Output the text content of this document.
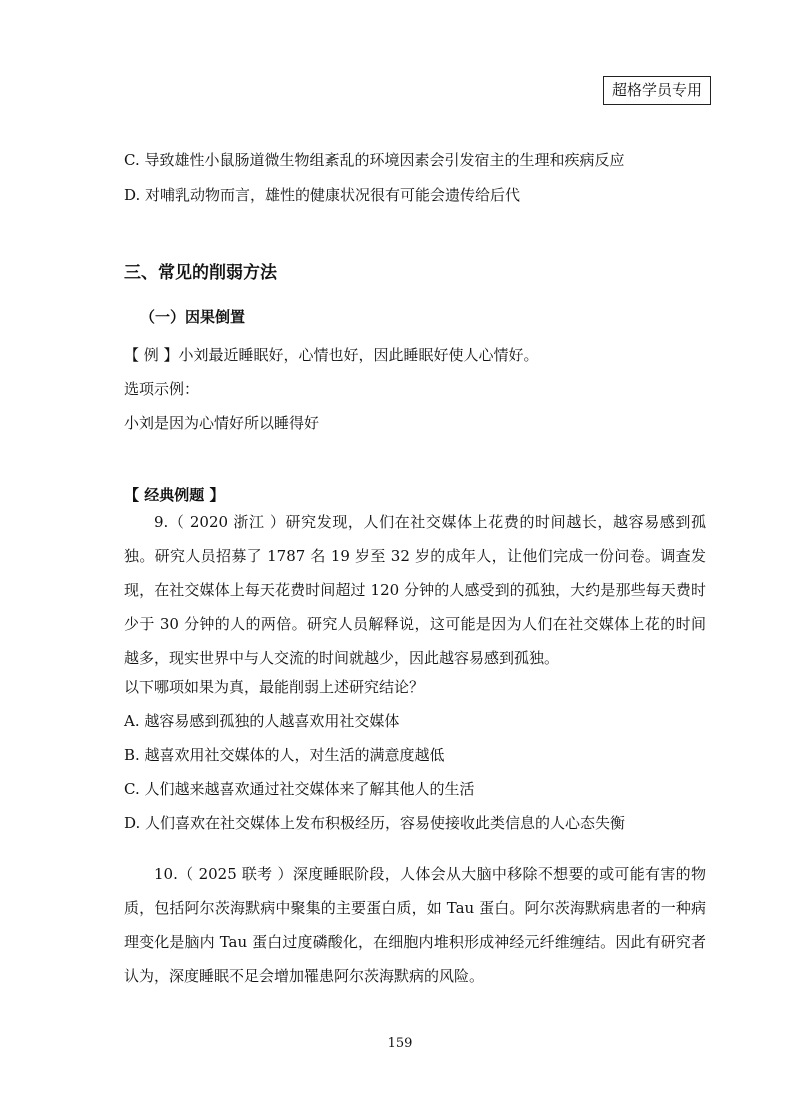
超格学员专用
C. 导致雄性小鼠肠道微生物组紊乱的环境因素会引发宿主的生理和疾病反应
D. 对哺乳动物而言，雄性的健康状况很有可能会遗传给后代
三、常见的削弱方法
（一）因果倒置
【 例 】小刘最近睡眠好，心情也好，因此睡眠好使人心情好。
选项示例：
小刘是因为心情好所以睡得好
【 经典例题 】
9.（ 2020 浙江 ）研究发现，人们在社交媒体上花费的时间越长，越容易感到孤独。研究人员招募了 1787 名 19 岁至 32 岁的成年人，让他们完成一份问卷。调查发现，在社交媒体上每天花费时间超过 120 分钟的人感受到的孤独，大约是那些每天费时少于 30 分钟的人的两倍。研究人员解释说，这可能是因为人们在社交媒体上花的时间越多，现实世界中与人交流的时间就越少，因此越容易感到孤独。
以下哪项如果为真，最能削弱上述研究结论？
A. 越容易感到孤独的人越喜欢用社交媒体
B. 越喜欢用社交媒体的人，对生活的满意度越低
C. 人们越来越喜欢通过社交媒体来了解其他人的生活
D. 人们喜欢在社交媒体上发布积极经历，容易使接收此类信息的人心态失衡
10.（ 2025 联考 ）深度睡眠阶段，人体会从大脑中移除不想要的或可能有害的物质，包括阿尔茨海默病中聚集的主要蛋白质，如 Tau 蛋白。阿尔茨海默病患者的一种病理变化是脑内 Tau 蛋白过度磷酸化，在细胞内堆积形成神经元纤维缠结。因此有研究者认为，深度睡眠不足会增加罹患阿尔茨海默病的风险。
159
